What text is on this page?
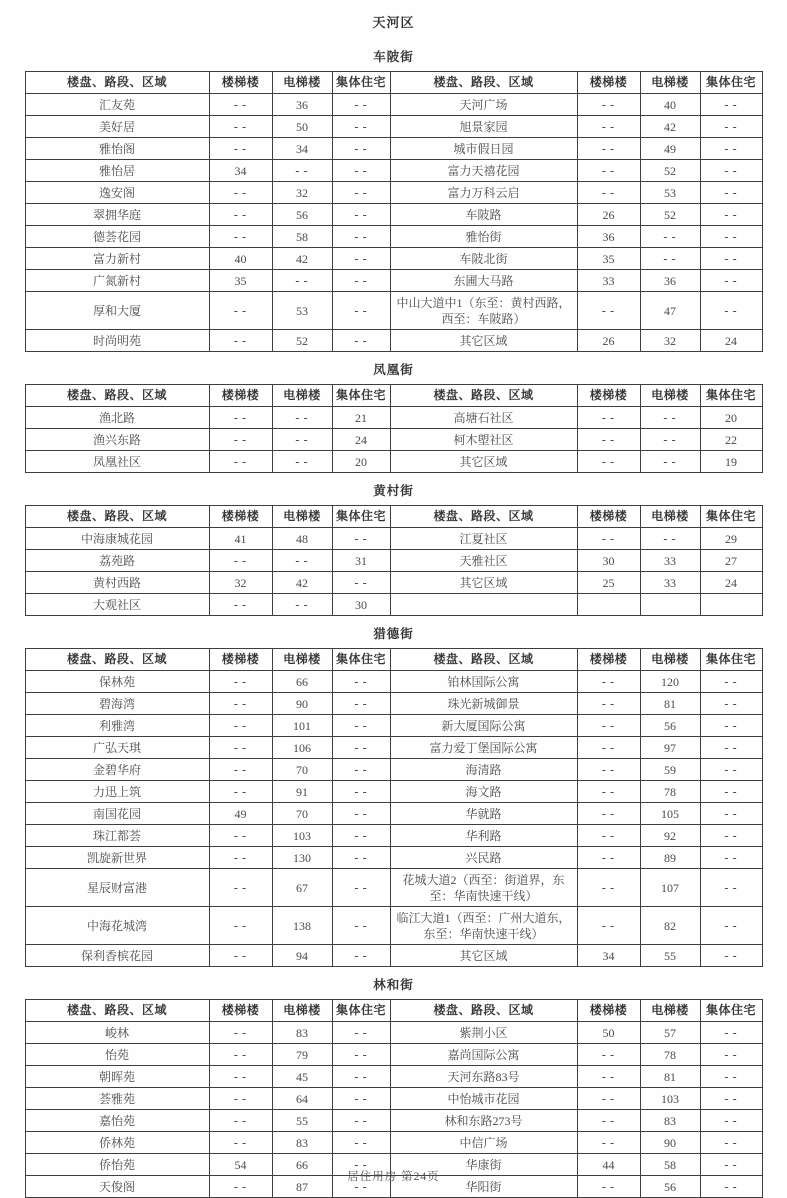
天河区
车陂街
楼盘、路段、区域	楼梯楼	电梯楼	集体住宅	楼盘、路段、区域	楼梯楼	电梯楼	集体住宅
汇友苑	--	36	--	天河广场	--	40	--
美好居	--	50	--	旭景家园	--	42	--
雅怡阁	--	34	--	城市假日园	--	49	--
雅怡居	34	--	--	富力天禧花园	--	52	--
逸安阁	--	32	--	富力万科云启	--	53	--
翠拥华庭	--	56	--	车陂路	26	52	--
德荟花园	--	58	--	雅怡街	36	--	--
富力新村	40	42	--	车陂北街	35	--	--
广氮新村	35	--	--	东圃大马路	33	36	--
厚和大厦	--	53	--	中山大道中1（东至：黄村西路，西至：车陂路）	--	47	--
时尚明苑	--	52	--	其它区域	26	32	24
凤凰街
楼盘、路段、区域	楼梯楼	电梯楼	集体住宅	楼盘、路段、区域	楼梯楼	电梯楼	集体住宅
渔北路	--	--	21	高塘石社区	--	--	20
渔兴东路	--	--	24	柯木塱社区	--	--	22
凤凰社区	--	--	20	其它区域	--	--	19
黄村街
楼盘、路段、区域	楼梯楼	电梯楼	集体住宅	楼盘、路段、区域	楼梯楼	电梯楼	集体住宅
中海康城花园	41	48	--	江夏社区	--	--	29
荔苑路	--	--	31	天雅社区	30	33	27
黄村西路	32	42	--	其它区域	25	33	24
大观社区	--	--	30				
猎德街
楼盘、路段、区域	楼梯楼	电梯楼	集体住宅	楼盘、路段、区域	楼梯楼	电梯楼	集体住宅
保林苑	--	66	--	铂林国际公寓	--	120	--
碧海湾	--	90	--	珠光新城御景	--	81	--
利雅湾	--	101	--	新大厦国际公寓	--	56	--
广弘天琪	--	106	--	富力爱丁堡国际公寓	--	97	--
金碧华府	--	70	--	海清路	--	59	--
力迅上筑	--	91	--	海文路	--	78	--
南国花园	49	70	--	华就路	--	105	--
珠江都荟	--	103	--	华利路	--	92	--
凯旋新世界	--	130	--	兴民路	--	89	--
星辰财富港	--	67	--	花城大道2（西至：街道界，东至：华南快速干线）	--	107	--
中海花城湾	--	138	--	临江大道1（西至：广州大道东，东至：华南快速干线）	--	82	--
保利香槟花园	--	94	--	其它区域	34	55	--
林和街
楼盘、路段、区域	楼梯楼	电梯楼	集体住宅	楼盘、路段、区域	楼梯楼	电梯楼	集体住宅
峻林	--	83	--	紫荆小区	50	57	--
怡苑	--	79	--	嘉尚国际公寓	--	78	--
朝晖苑	--	45	--	天河东路83号	--	81	--
荟雅苑	--	64	--	中怡城市花园	--	103	--
嘉怡苑	--	55	--	林和东路273号	--	83	--
侨林苑	--	83	--	中信广场	--	90	--
侨怡苑	54	66	--	华康街	44	58	--
天俊阁	--	87	--	华阳街	--	56	--
居住用房 第24页
